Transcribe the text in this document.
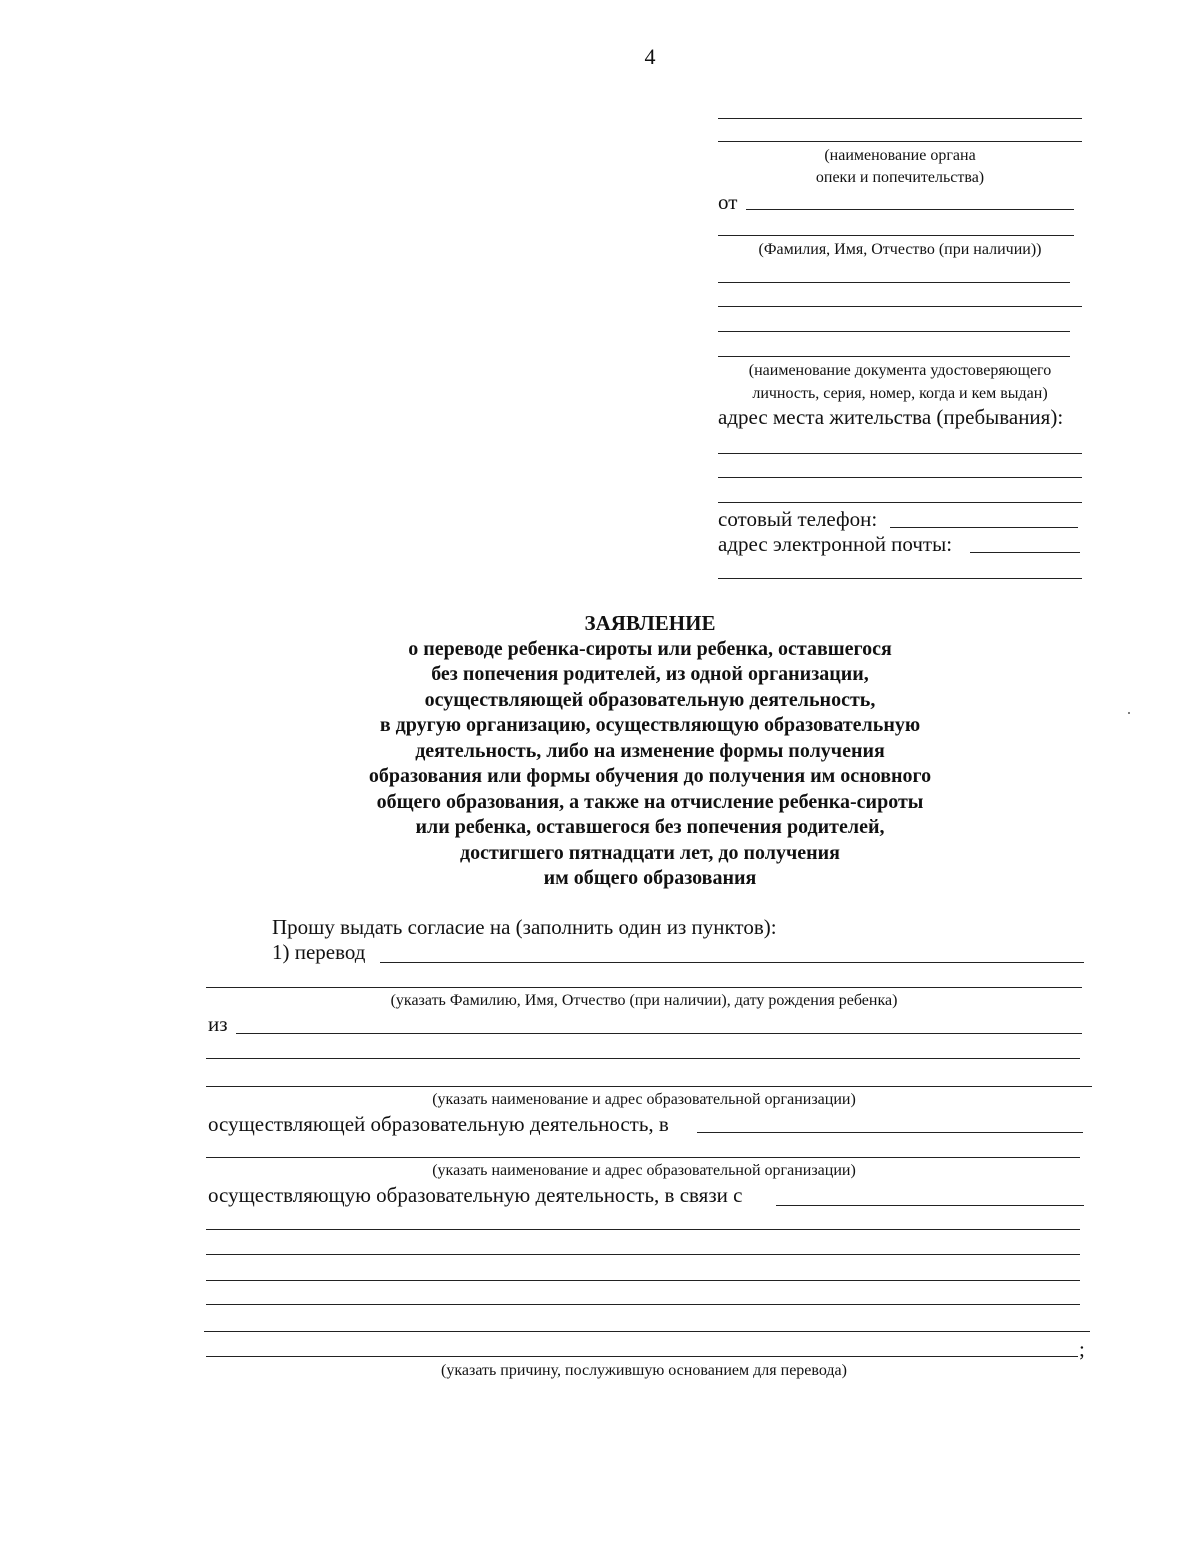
4
(наименование органа
опеки и попечительства)
от
(Фамилия, Имя, Отчество (при наличии))
(наименование документа удостоверяющего
личность, серия, номер, когда и кем выдан)
адрес места жительства (пребывания):
сотовый телефон:
адрес электронной почты:
ЗАЯВЛЕНИЕ
о переводе ребенка-сироты или ребенка, оставшегося
без попечения родителей, из одной организации,
осуществляющей образовательную деятельность,
в другую организацию, осуществляющую образовательную
деятельность, либо на изменение формы получения
образования или формы обучения до получения им основного
общего образования, а также на отчисление ребенка-сироты
или ребенка, оставшегося без попечения родителей,
достигшего пятнадцати лет, до получения
им общего образования
Прошу выдать согласие на (заполнить один из пунктов):
1) перевод
(указать Фамилию, Имя, Отчество (при наличии), дату рождения ребенка)
из
(указать наименование и адрес образовательной организации)
осуществляющей образовательную деятельность, в
(указать наименование и адрес образовательной организации)
осуществляющую образовательную деятельность, в связи с
;
(указать причину, послужившую основанием для перевода)
